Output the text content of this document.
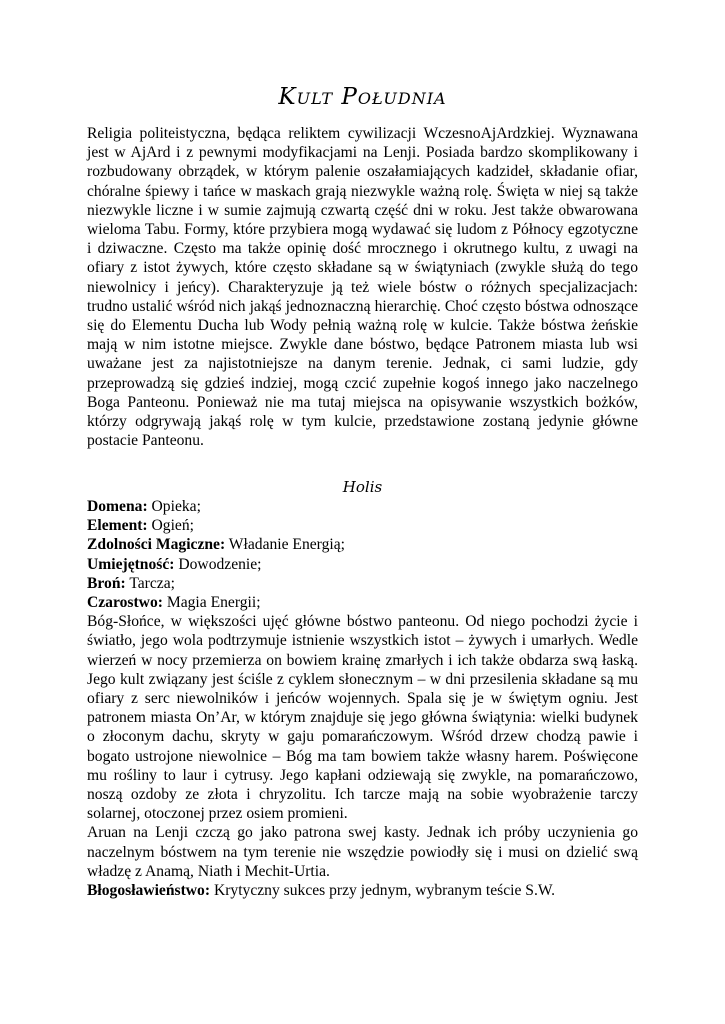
Kult Południa

Religia politeistyczna, będąca reliktem cywilizacji WczesnoAjArdzkiej. Wyznawana jest w AjArd i z pewnymi modyfikacjami na Lenji. Posiada bardzo skomplikowany i rozbudowany obrządek, w którym palenie oszałamiających kadzideł, składanie ofiar, chóralne śpiewy i tańce w maskach grają niezwykle ważną rolę. Święta w niej są także niezwykle liczne i w sumie zajmują czwartą część dni w roku. Jest także obwarowana wieloma Tabu. Formy, które przybiera mogą wydawać się ludom z Północy egzotyczne i dziwaczne. Często ma także opinię dość mrocznego i okrutnego kultu, z uwagi na ofiary z istot żywych, które często składane są w świątyniach (zwykle służą do tego niewolnicy i jeńcy). Charakteryzuje ją też wiele bóstw o różnych specjalizacjach: trudno ustalić wśród nich jakąś jednoznaczną hierarchię. Choć często bóstwa odnoszące się do Elementu Ducha lub Wody pełnią ważną rolę w kulcie. Także bóstwa żeńskie mają w nim istotne miejsce. Zwykle dane bóstwo, będące Patronem miasta lub wsi uważane jest za najistotniejsze na danym terenie. Jednak, ci sami ludzie, gdy przeprowadzą się gdzieś indziej, mogą czcić zupełnie kogoś innego jako naczelnego Boga Panteonu. Ponieważ nie ma tutaj miejsca na opisywanie wszystkich bożków, którzy odgrywają jakąś rolę w tym kulcie, przedstawione zostaną jedynie główne postacie Panteonu.

Holis
Domena: Opieka;
Element: Ogień;
Zdolności Magiczne: Władanie Energią;
Umiejętność: Dowodzenie;
Broń: Tarcza;
Czarostwo: Magia Energii;

Bóg-Słońce, w większości ujęć główne bóstwo panteonu. Od niego pochodzi życie i światło, jego wola podtrzymuje istnienie wszystkich istot – żywych i umarłych. Wedle wierzeń w nocy przemierza on bowiem krainę zmarłych i ich także obdarza swą łaską. Jego kult związany jest ściśle z cyklem słonecznym – w dni przesilenia składane są mu ofiary z serc niewolników i jeńców wojennych. Spala się je w świętym ogniu. Jest patronem miasta On’Ar, w którym znajduje się jego główna świątynia: wielki budynek o złoconym dachu, skryty w gaju pomarańczowym. Wśród drzew chodzą pawie i bogato ustrojone niewolnice – Bóg ma tam bowiem także własny harem. Poświęcone mu rośliny to laur i cytrusy. Jego kapłani odziewają się zwykle, na pomarańczowo, noszą ozdoby ze złota i chryzolitu. Ich tarcze mają na sobie wyobrażenie tarczy solarnej, otoczonej przez osiem promieni.

Aruan na Lenji czczą go jako patrona swej kasty. Jednak ich próby uczynienia go naczelnym bóstwem na tym terenie nie wszędzie powiodły się i musi on dzielić swą władzę z Anamą, Niath i Mechit-Urtia.

Błogosławieństwo: Krytyczny sukces przy jednym, wybranym teście S.W.
